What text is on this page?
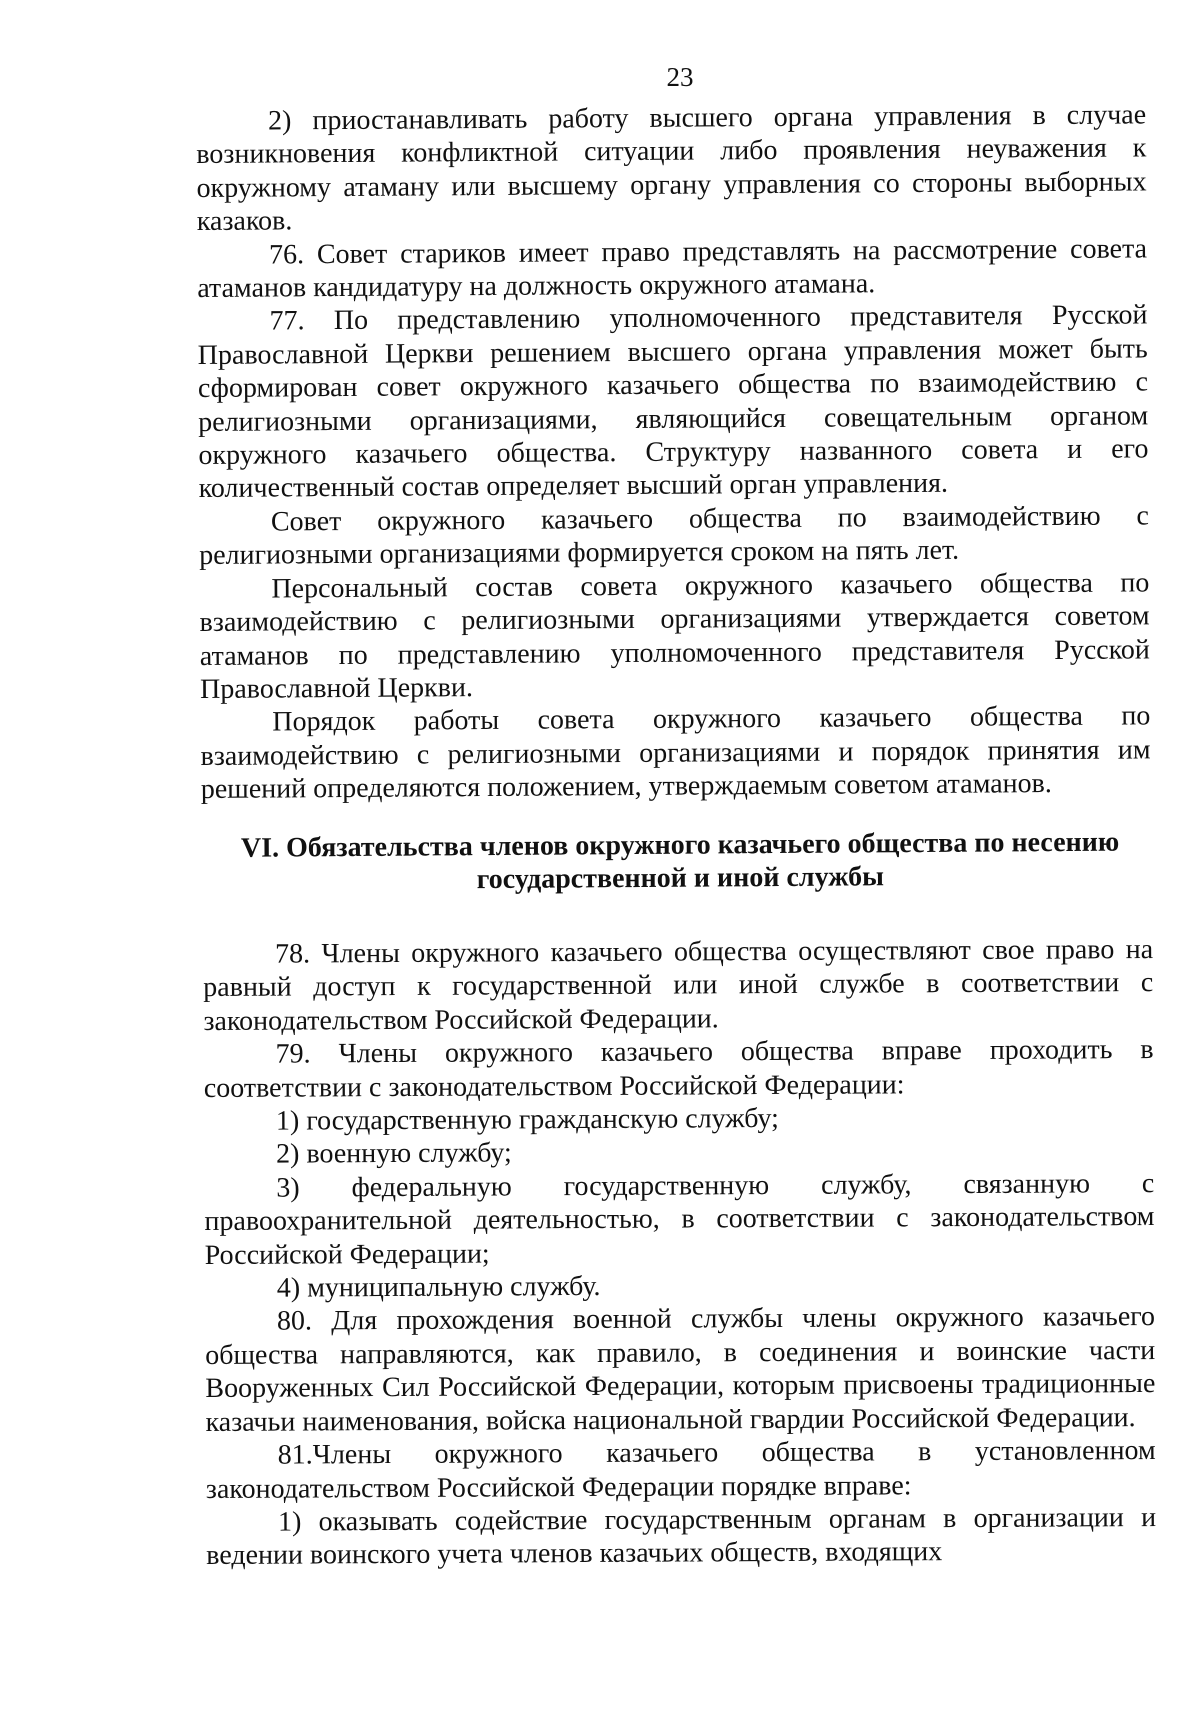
23

2) приостанавливать работу высшего органа управления в случае возникновения конфликтной ситуации либо проявления неуважения к окружному атаману или высшему органу управления со стороны выборных казаков.

76. Совет стариков имеет право представлять на рассмотрение совета атаманов кандидатуру на должность окружного атамана.

77. По представлению уполномоченного представителя Русской Православной Церкви решением высшего органа управления может быть сформирован совет окружного казачьего общества по взаимодействию с религиозными организациями, являющийся совещательным органом окружного казачьего общества. Структуру названного совета и его количественный состав определяет высший орган управления.

Совет окружного казачьего общества по взаимодействию с религиозными организациями формируется сроком на пять лет.

Персональный состав совета окружного казачьего общества по взаимодействию с религиозными организациями утверждается советом атаманов по представлению уполномоченного представителя Русской Православной Церкви.

Порядок работы совета окружного казачьего общества по взаимодействию с религиозными организациями и порядок принятия им решений определяются положением, утверждаемым советом атаманов.

VI. Обязательства членов окружного казачьего общества по несению
государственной и иной службы

78. Члены окружного казачьего общества осуществляют свое право на равный доступ к государственной или иной службе в соответствии с законодательством Российской Федерации.

79. Члены окружного казачьего общества вправе проходить в соответствии с законодательством Российской Федерации:

1) государственную гражданскую службу;

2) военную службу;

3) федеральную государственную службу, связанную с правоохранительной деятельностью, в соответствии с законодательством Российской Федерации;

4) муниципальную службу.

80. Для прохождения военной службы члены окружного казачьего общества направляются, как правило, в соединения и воинские части Вооруженных Сил Российской Федерации, которым присвоены традиционные казачьи наименования, войска национальной гвардии Российской Федерации.

81.Члены окружного казачьего общества в установленном законодательством Российской Федерации порядке вправе:

1) оказывать содействие государственным органам в организации и ведении воинского учета членов казачьих обществ, входящих
